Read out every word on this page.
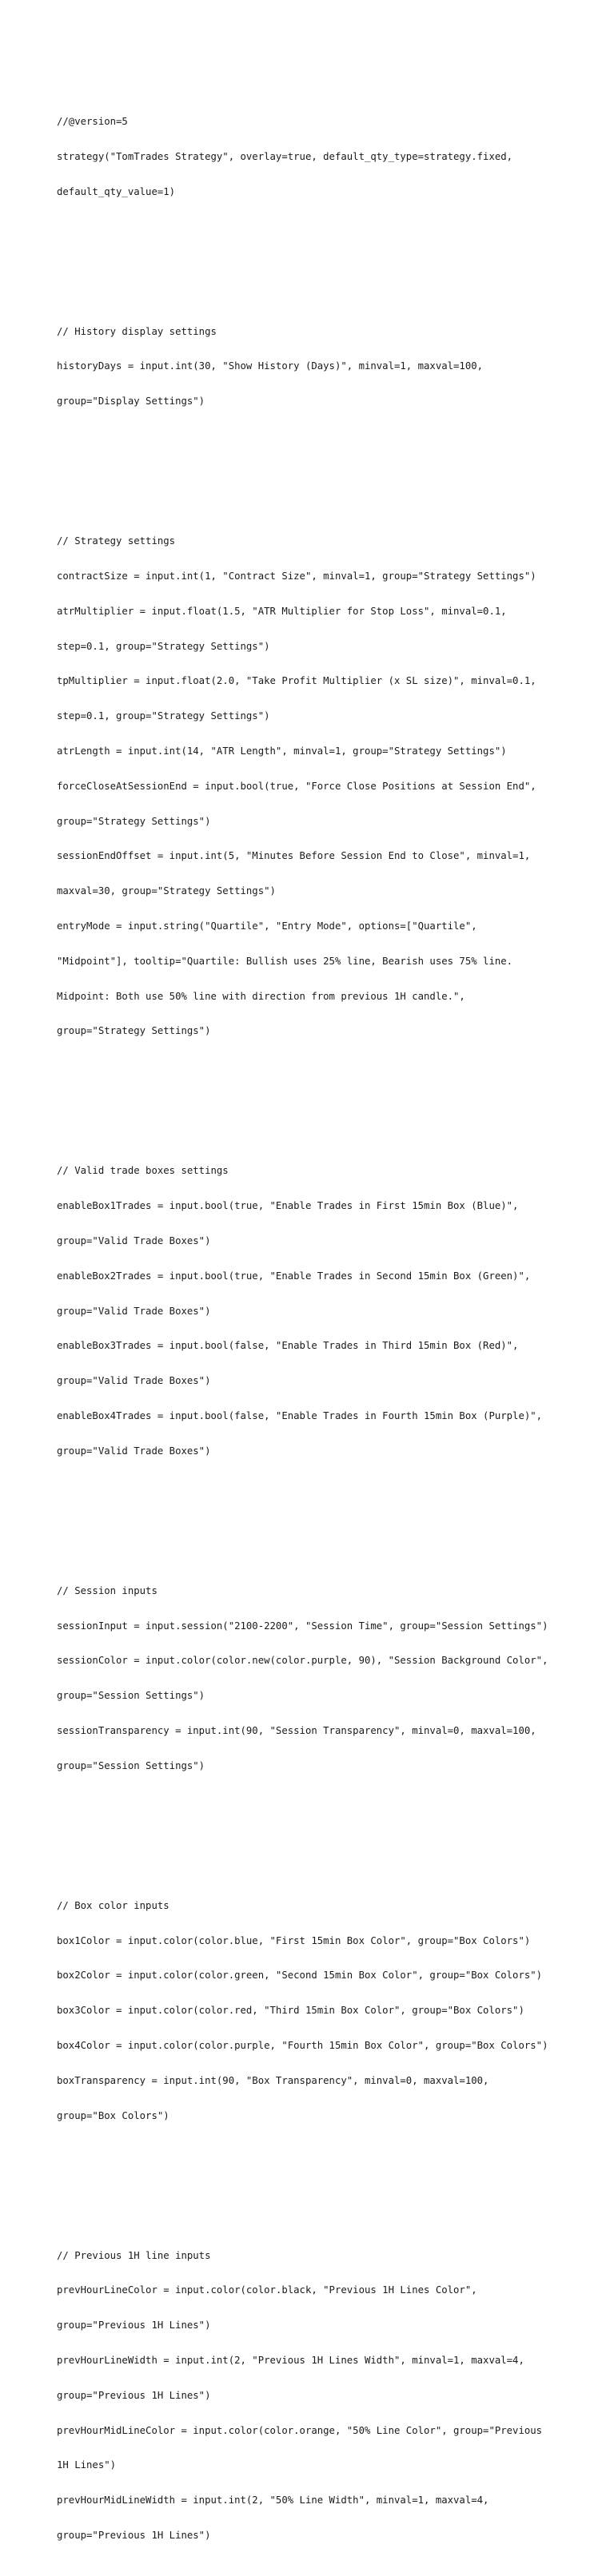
//@version=5

strategy("TomTrades Strategy", overlay=true, default_qty_type=strategy.fixed,

default_qty_value=1)

// History display settings

historyDays = input.int(30, "Show History (Days)", minval=1, maxval=100,

group="Display Settings")

// Strategy settings

contractSize = input.int(1, "Contract Size", minval=1, group="Strategy Settings")

atrMultiplier = input.float(1.5, "ATR Multiplier for Stop Loss", minval=0.1,

step=0.1, group="Strategy Settings")

tpMultiplier = input.float(2.0, "Take Profit Multiplier (x SL size)", minval=0.1,

step=0.1, group="Strategy Settings")

atrLength = input.int(14, "ATR Length", minval=1, group="Strategy Settings")

forceCloseAtSessionEnd = input.bool(true, "Force Close Positions at Session End",

group="Strategy Settings")

sessionEndOffset = input.int(5, "Minutes Before Session End to Close", minval=1,

maxval=30, group="Strategy Settings")

entryMode = input.string("Quartile", "Entry Mode", options=["Quartile",

"Midpoint"], tooltip="Quartile: Bullish uses 25% line, Bearish uses 75% line.

Midpoint: Both use 50% line with direction from previous 1H candle.",

group="Strategy Settings")

// Valid trade boxes settings

enableBox1Trades = input.bool(true, "Enable Trades in First 15min Box (Blue)",

group="Valid Trade Boxes")

enableBox2Trades = input.bool(true, "Enable Trades in Second 15min Box (Green)",

group="Valid Trade Boxes")

enableBox3Trades = input.bool(false, "Enable Trades in Third 15min Box (Red)",

group="Valid Trade Boxes")

enableBox4Trades = input.bool(false, "Enable Trades in Fourth 15min Box (Purple)",

group="Valid Trade Boxes")

// Session inputs

sessionInput = input.session("2100-2200", "Session Time", group="Session Settings")

sessionColor = input.color(color.new(color.purple, 90), "Session Background Color",

group="Session Settings")

sessionTransparency = input.int(90, "Session Transparency", minval=0, maxval=100,

group="Session Settings")

// Box color inputs

box1Color = input.color(color.blue, "First 15min Box Color", group="Box Colors")

box2Color = input.color(color.green, "Second 15min Box Color", group="Box Colors")

box3Color = input.color(color.red, "Third 15min Box Color", group="Box Colors")

box4Color = input.color(color.purple, "Fourth 15min Box Color", group="Box Colors")

boxTransparency = input.int(90, "Box Transparency", minval=0, maxval=100,

group="Box Colors")

// Previous 1H line inputs

prevHourLineColor = input.color(color.black, "Previous 1H Lines Color",

group="Previous 1H Lines")

prevHourLineWidth = input.int(2, "Previous 1H Lines Width", minval=1, maxval=4,

group="Previous 1H Lines")

prevHourMidLineColor = input.color(color.orange, "50% Line Color", group="Previous

1H Lines")

prevHourMidLineWidth = input.int(2, "50% Line Width", minval=1, maxval=4,

group="Previous 1H Lines")
